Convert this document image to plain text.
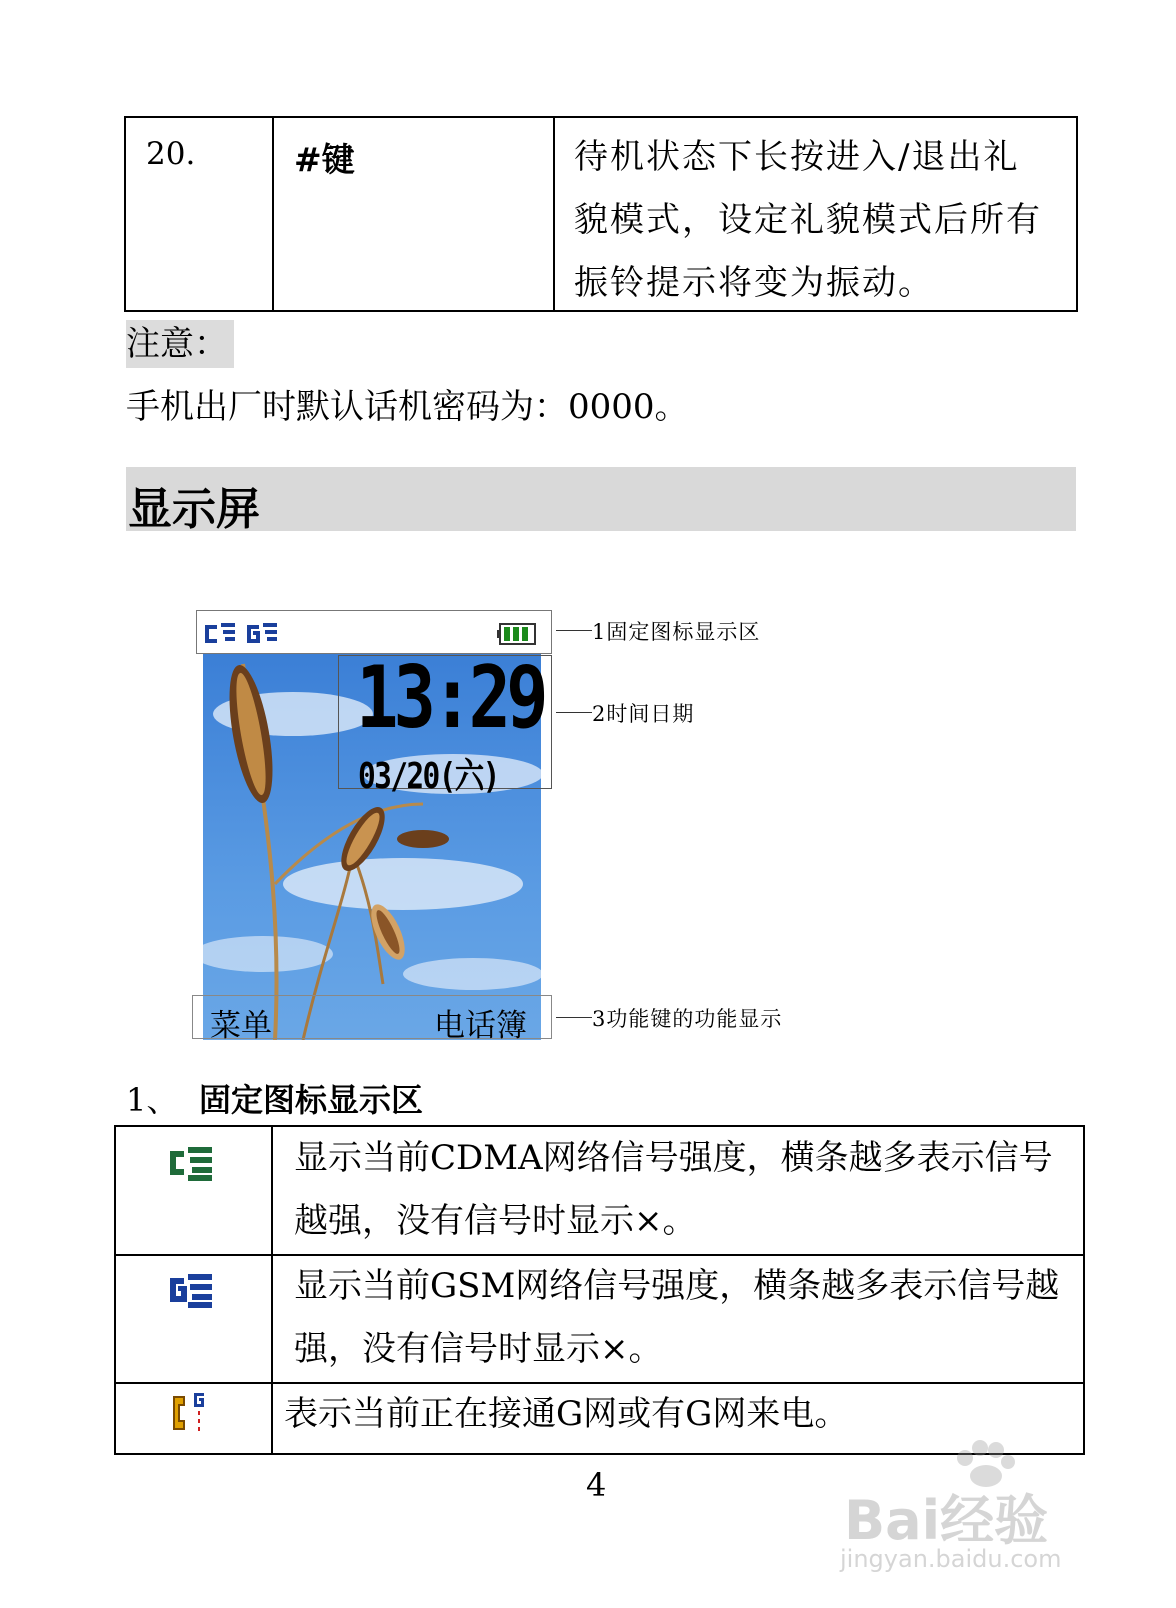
20.	#键	待机状态下长按进入/退出礼貌模式，设定礼貌模式后所有振铃提示将变为振动。
注意：
手机出厂时默认话机密码为：0000。
显示屏
13:29
03/20(六)
菜单	电话簿
1固定图标显示区
2时间日期
3功能键的功能显示
1、 固定图标显示区
显示当前CDMA网络信号强度，横条越多表示信号越强，没有信号时显示×。
显示当前GSM网络信号强度，横条越多表示信号越强，没有信号时显示×。
表示当前正在接通G网或有G网来电。
4
Bai经验
jingyan.baidu.com
